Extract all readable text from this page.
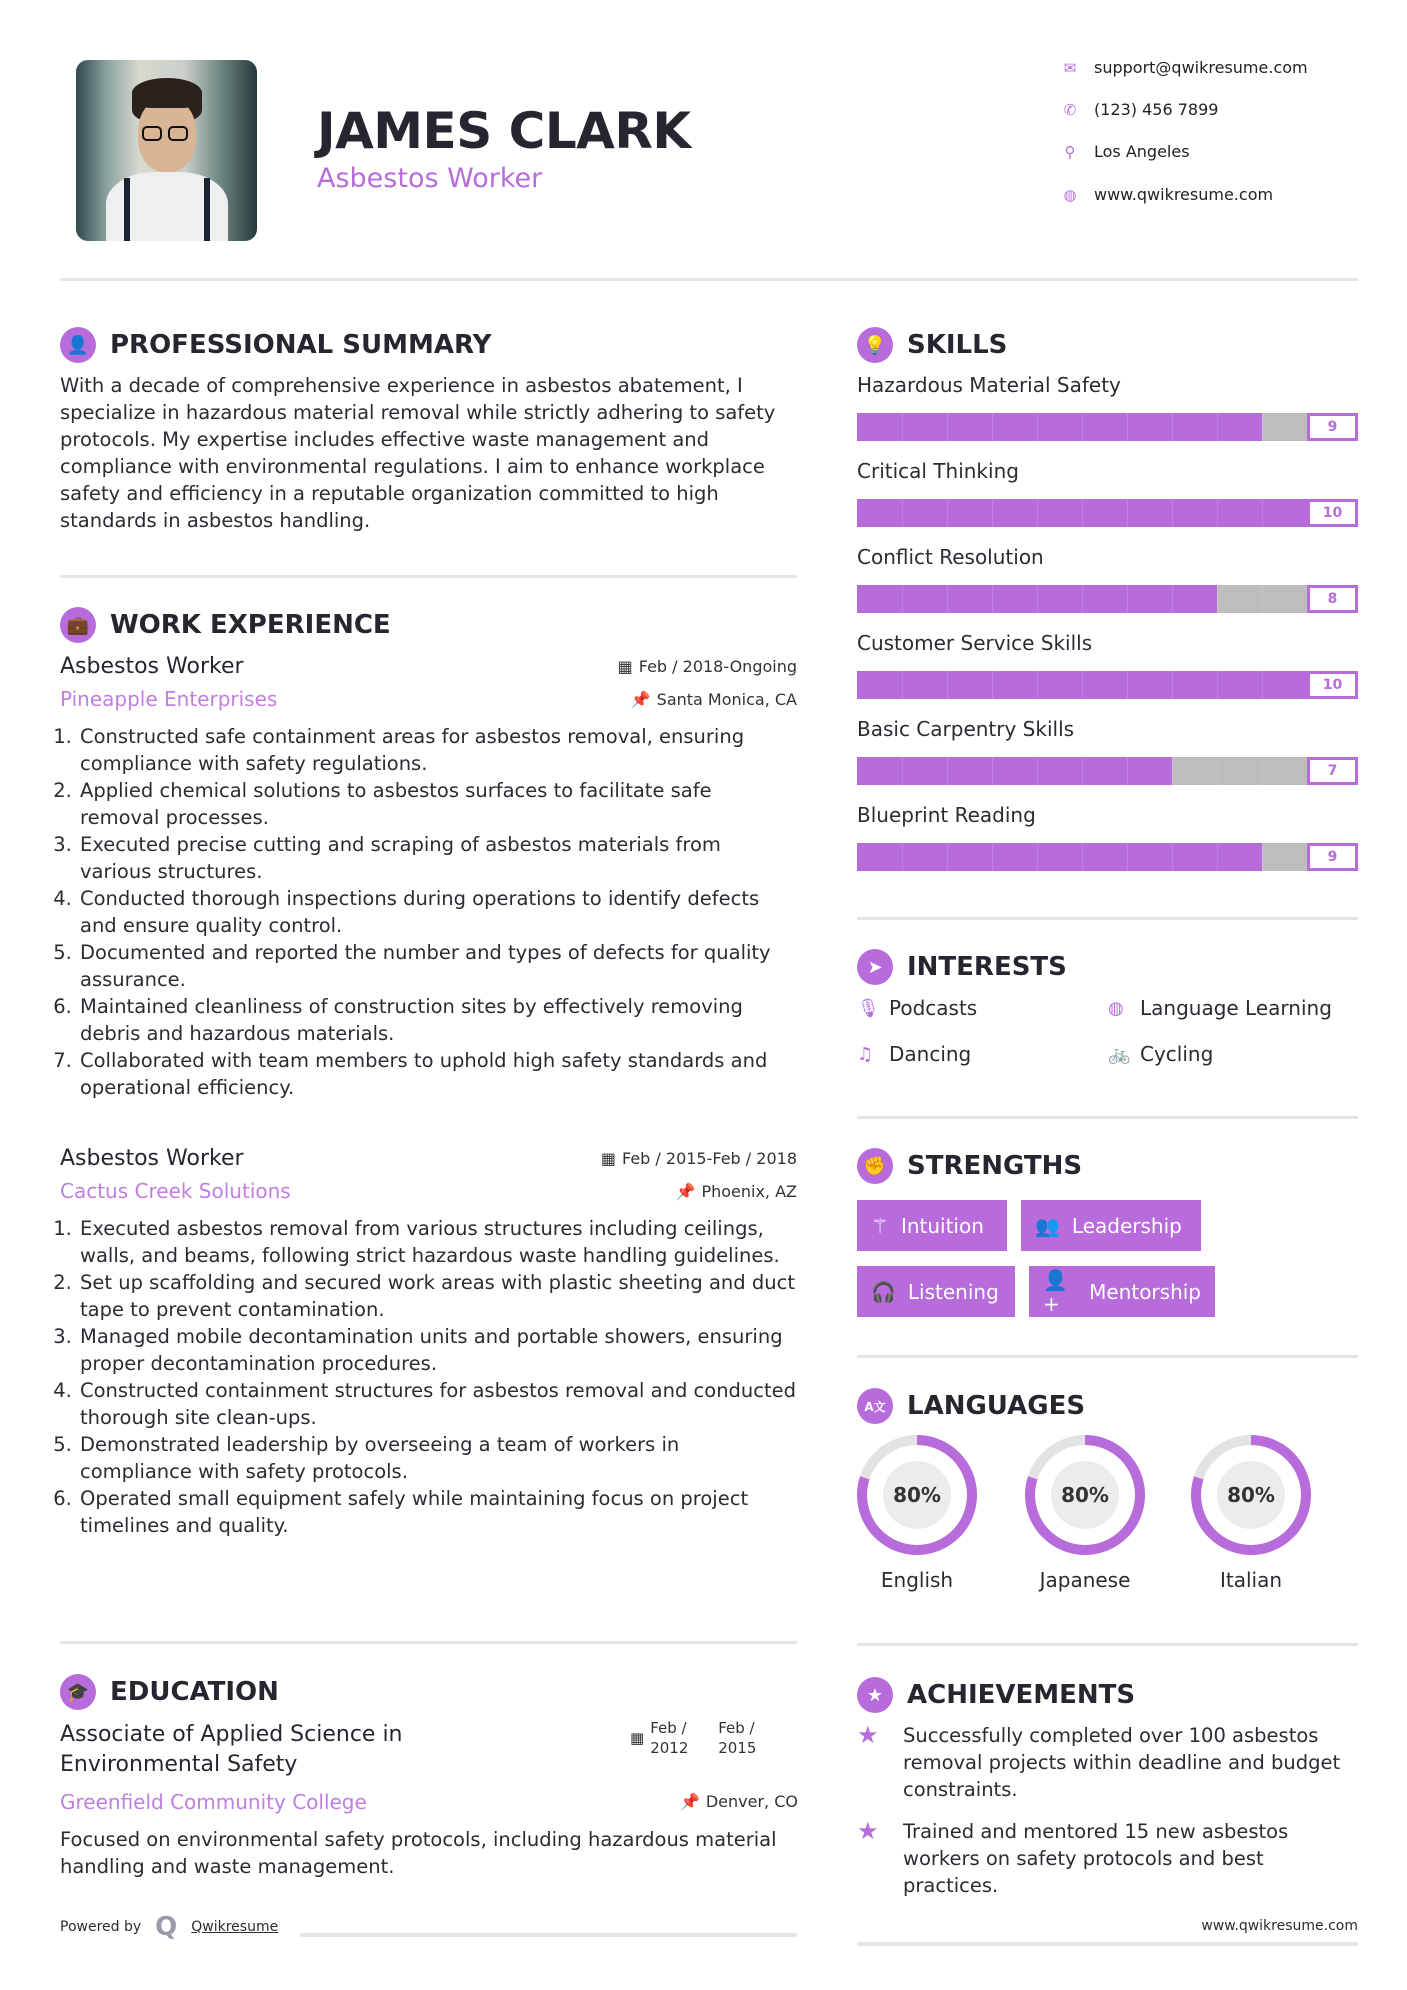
JAMES CLARK
Asbestos Worker
✉ support@qwikresume.com
✆ (123) 456 7899
⚲ Los Angeles
◍ www.qwikresume.com
👤 PROFESSIONAL SUMMARY
With a decade of comprehensive experience in asbestos abatement, I specialize in hazardous material removal while strictly adhering to safety protocols. My expertise includes effective waste management and compliance with environmental regulations. I aim to enhance workplace safety and efficiency in a reputable organization committed to high standards in asbestos handling.
💼 WORK EXPERIENCE
Asbestos Worker	▦ Feb / 2018-Ongoing
Pineapple Enterprises	📌 Santa Monica, CA
1. Constructed safe containment areas for asbestos removal, ensuring compliance with safety regulations.
2. Applied chemical solutions to asbestos surfaces to facilitate safe removal processes.
3. Executed precise cutting and scraping of asbestos materials from various structures.
4. Conducted thorough inspections during operations to identify defects and ensure quality control.
5. Documented and reported the number and types of defects for quality assurance.
6. Maintained cleanliness of construction sites by effectively removing debris and hazardous materials.
7. Collaborated with team members to uphold high safety standards and operational efficiency.
Asbestos Worker	▦ Feb / 2015-Feb / 2018
Cactus Creek Solutions	📌 Phoenix, AZ
1. Executed asbestos removal from various structures including ceilings, walls, and beams, following strict hazardous waste handling guidelines.
2. Set up scaffolding and secured work areas with plastic sheeting and duct tape to prevent contamination.
3. Managed mobile decontamination units and portable showers, ensuring proper decontamination procedures.
4. Constructed containment structures for asbestos removal and conducted thorough site clean-ups.
5. Demonstrated leadership by overseeing a team of workers in compliance with safety protocols.
6. Operated small equipment safely while maintaining focus on project timelines and quality.
🎓 EDUCATION
Associate of Applied Science in Environmental Safety
▦
Feb / 2012
Feb / 2015
Greenfield Community College	📌 Denver, CO
Focused on environmental safety protocols, including hazardous material handling and waste management.
Powered by Q Qwikresume
💡 SKILLS
Hazardous Material Safety
9
Critical Thinking
10
Conflict Resolution
8
Customer Service Skills
10
Basic Carpentry Skills
7
Blueprint Reading
9
➤ INTERESTS
🎙 Podcasts	◍ Language Learning
♫ Dancing	🚲 Cycling
✊ STRENGTHS
⚚ Intuition	👥 Leadership
🎧 Listening 👤+	Mentorship
A文 LANGUAGES
80%
English
80%
Japanese
80%
Italian
★ ACHIEVEMENTS
★	Successfully completed over 100 asbestos removal projects within deadline and budget constraints.
★	Trained and mentored 15 new asbestos workers on safety protocols and best practices.
www.qwikresume.com
